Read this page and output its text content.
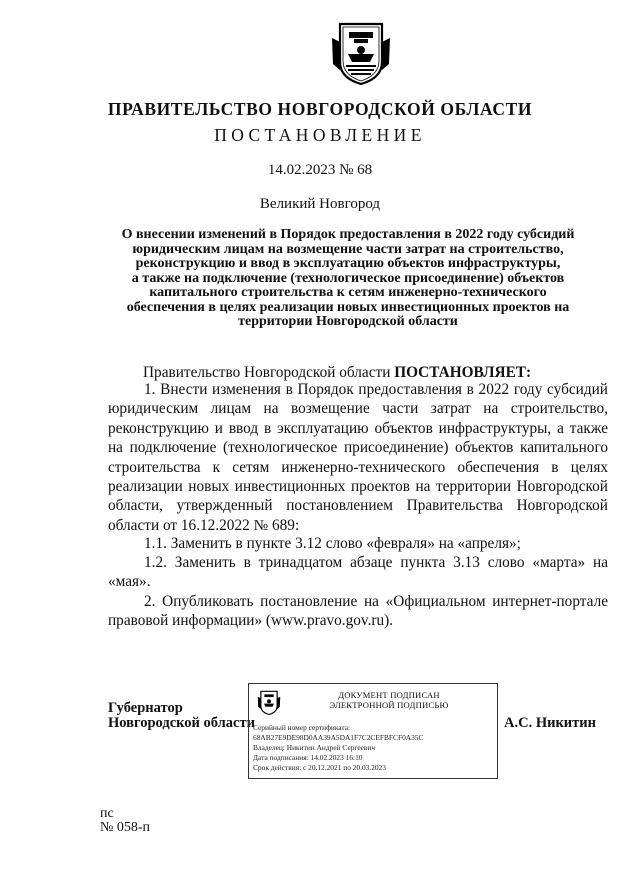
ПРАВИТЕЛЬСТВО НОВГОРОДСКОЙ ОБЛАСТИ
ПОСТАНОВЛЕНИЕ
14.02.2023 № 68
Великий Новгород
О внесении изменений в Порядок предоставления в 2022 году субсидий
юридическим лицам на возмещение части затрат на строительство,
реконструкцию и ввод в эксплуатацию объектов инфраструктуры,
а также на подключение (технологическое присоединение) объектов
капитального строительства к сетям инженерно-технического
обеспечения в целях реализации новых инвестиционных проектов на
территории Новгородской области
Правительство Новгородской области ПОСТАНОВЛЯЕТ:
1. Внести изменения в Порядок предоставления в 2022 году субсидий юридическим лицам на возмещение части затрат на строительство, реконструкцию и ввод в эксплуатацию объектов инфраструктуры, а также на подключение (технологическое присоединение) объектов капитального строительства к сетям инженерно-технического обеспечения в целях реализации новых инвестиционных проектов на территории Новгородской области, утвержденный постановлением Правительства Новгородской области от 16.12.2022 № 689:
1.1. Заменить в пункте 3.12 слово «февраля» на «апреля»;
1.2. Заменить в тринадцатом абзаце пункта 3.13 слово «марта» на «мая».
2. Опубликовать постановление на «Официальном интернет-портале правовой информации» (www.pravo.gov.ru).
Губернатор
Новгородской области
ДОКУМЕНТ ПОДПИСАН
ЭЛЕКТРОННОЙ ПОДПИСЬЮ
Серийный номер сертификата:
68AB27E9DE98D0AA39A5DA1F7C2CEFBFCF0A35C
Владелец: Никитин Андрей Сергеевич
Дата подписания: 14.02.2023 16:10
Срок действия: с 20.12.2021 по 20.03.2023
А.С. Никитин
пс
№ 058-п
